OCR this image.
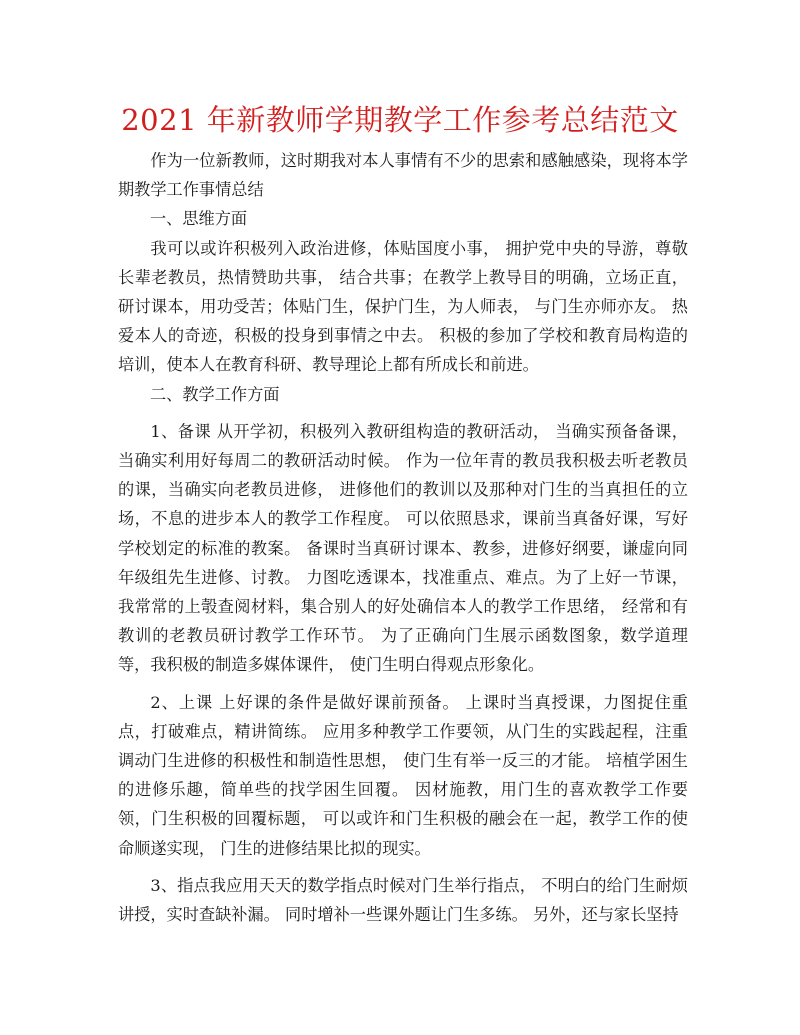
2021 年新教师学期教学工作参考总结范文

作为一位新教师，这时期我对本人事情有不少的思索和感触感染，现将本学期教学工作事情总结

一、思维方面

我可以或许积极列入政治进修，体贴国度小事， 拥护党中央的导游，尊敬长辈老教员，热情赞助共事， 结合共事；在教学上教导目的明确，立场正直， 研讨课本，用功受苦；体贴门生，保护门生，为人师表， 与门生亦师亦友。 热爱本人的奇迹，积极的投身到事情之中去。 积极的参加了学校和教育局构造的培训，使本人在教育科研、教导理论上都有所成长和前进。

二、教学工作方面

1、备课 从开学初，积极列入教研组构造的教研活动， 当确实预备备课，当确实利用好每周二的教研活动时候。 作为一位年青的教员我积极去听老教员的课，当确实向老教员进修， 进修他们的教训以及那种对门生的当真担任的立场，不息的进步本人的教学工作程度。 可以依照恳求，课前当真备好课，写好学校划定的标准的教案。 备课时当真研讨课本、教参，进修好纲要，谦虚向同年级组先生进修、讨教。 力图吃透课本，找准重点、难点。为了上好一节课，我常常的上彀查阅材料，集合别人的好处确信本人的教学工作思绪， 经常和有教训的老教员研讨教学工作环节。 为了正确向门生展示函数图象，数学道理等，我积极的制造多媒体课件， 使门生明白得观点形象化。

2、上课 上好课的条件是做好课前预备。 上课时当真授课，力图捉住重点，打破难点，精讲简练。 应用多种教学工作要领，从门生的实践起程，注重调动门生进修的积极性和制造性思想， 使门生有举一反三的才能。 培植学困生的进修乐趣，简单些的找学困生回覆。 因材施教，用门生的喜欢教学工作要领，门生积极的回覆标题， 可以或许和门生积极的融会在一起，教学工作的使命顺遂实现， 门生的进修结果比拟的现实。

3、指点我应用天天的数学指点时候对门生举行指点， 不明白的给门生耐烦讲授，实时查缺补漏。 同时增补一些课外题让门生多练。 另外，还与家长坚持
